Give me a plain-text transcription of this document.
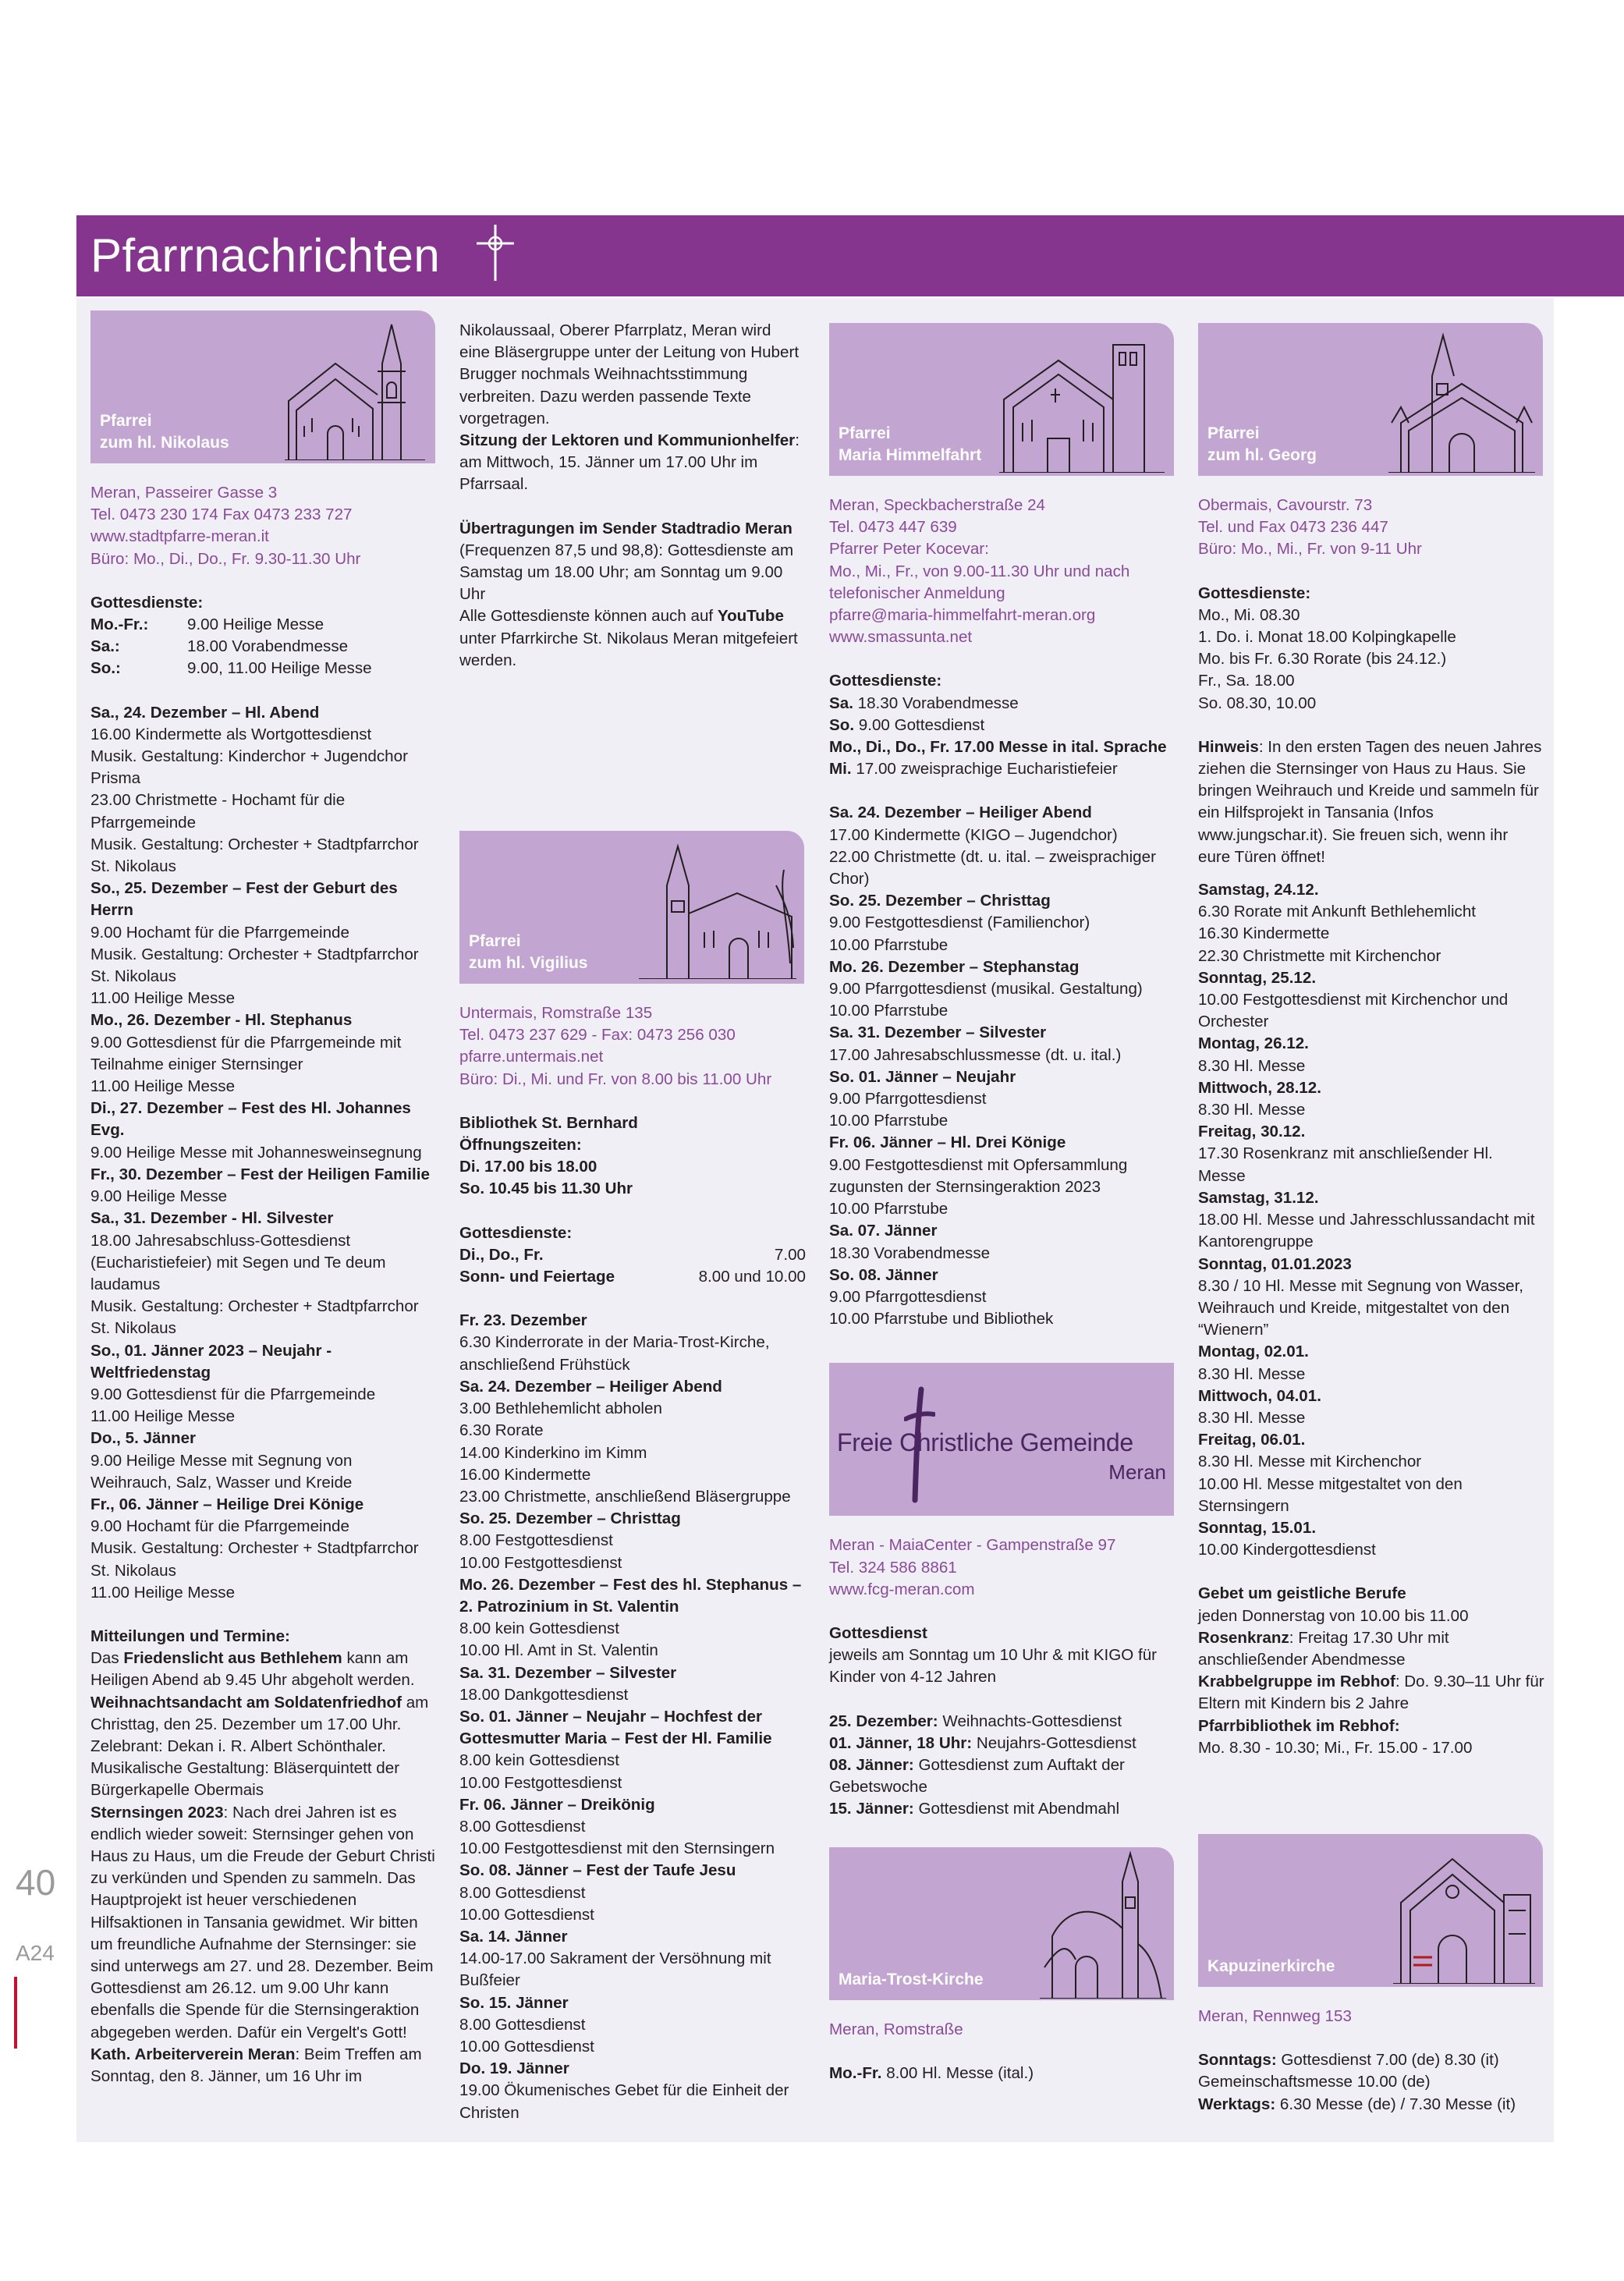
Pfarrnachrichten
40
A24
Pfarrei
zum hl. Nikolaus
Meran, Passeirer Gasse 3
Tel. 0473 230 174 Fax 0473 233 727
www.stadtpfarre-meran.it
Büro: Mo., Di., Do., Fr. 9.30-11.30 Uhr
Gottesdienste:
Mo.-Fr.: 9.00 Heilige Messe
Sa.:	18.00 Vorabendmesse
So.:	9.00, 11.00 Heilige Messe
Sa., 24. Dezember – Hl. Abend
16.00 Kindermette als Wortgottesdienst
Musik. Gestaltung: Kinderchor + Jugendchor Prisma
23.00 Christmette - Hochamt für die Pfarrgemeinde
Musik. Gestaltung: Orchester + Stadtpfarrchor St. Nikolaus
So., 25. Dezember – Fest der Geburt des Herrn
9.00 Hochamt für die Pfarrgemeinde
Musik. Gestaltung: Orchester + Stadtpfarrchor St. Nikolaus
11.00 Heilige Messe
Mo., 26. Dezember - Hl. Stephanus
9.00 Gottesdienst für die Pfarrgemeinde mit Teilnahme einiger Sternsinger
11.00 Heilige Messe
Di., 27. Dezember – Fest des Hl. Johannes Evg.
9.00 Heilige Messe mit Johannesweinsegnung
Fr., 30. Dezember – Fest der Heiligen Familie
9.00 Heilige Messe
Sa., 31. Dezember - Hl. Silvester
18.00 Jahresabschluss-Gottesdienst (Eucharistiefeier) mit Segen und Te deum laudamus
Musik. Gestaltung: Orchester + Stadtpfarrchor St. Nikolaus
So., 01. Jänner 2023 – Neujahr - Weltfriedenstag
9.00 Gottesdienst für die Pfarrgemeinde
11.00 Heilige Messe
Do., 5. Jänner
9.00 Heilige Messe mit Segnung von Weihrauch, Salz, Wasser und Kreide
Fr., 06. Jänner – Heilige Drei Könige
9.00 Hochamt für die Pfarrgemeinde
Musik. Gestaltung: Orchester + Stadtpfarrchor St. Nikolaus
11.00 Heilige Messe
Mitteilungen und Termine:
Das Friedenslicht aus Bethlehem kann am Heiligen Abend ab 9.45 Uhr abgeholt werden.
Weihnachtsandacht am Soldatenfriedhof am Christtag, den 25. Dezember um 17.00 Uhr. Zelebrant: Dekan i. R. Albert Schönthaler. Musikalische Gestaltung: Bläserquintett der Bürgerkapelle Obermais
Sternsingen 2023: Nach drei Jahren ist es endlich wieder soweit: Sternsinger gehen von Haus zu Haus, um die Freude der Geburt Christi zu verkünden und Spenden zu sammeln. Das Hauptprojekt ist heuer verschiedenen Hilfsaktionen in Tansania gewidmet. Wir bitten um freundliche Aufnahme der Sternsinger: sie sind unterwegs am 27. und 28. Dezember. Beim Gottesdienst am 26.12. um 9.00 Uhr kann ebenfalls die Spende für die Sternsingeraktion abgegeben werden. Dafür ein Vergelt's Gott!
Kath. Arbeiterverein Meran: Beim Treffen am Sonntag, den 8. Jänner, um 16 Uhr im
Nikolaussaal, Oberer Pfarrplatz, Meran wird eine Bläsergruppe unter der Leitung von Hubert Brugger nochmals Weihnachtsstimmung verbreiten. Dazu werden passende Texte vorgetragen.
Sitzung der Lektoren und Kommunionhelfer: am Mittwoch, 15. Jänner um 17.00 Uhr im Pfarrsaal.
Übertragungen im Sender Stadtradio Meran (Frequenzen 87,5 und 98,8): Gottesdienste am Samstag um 18.00 Uhr; am Sonntag um 9.00 Uhr
Alle Gottesdienste können auch auf YouTube unter Pfarrkirche St. Nikolaus Meran mitgefeiert werden.
Pfarrei
zum hl. Vigilius
Untermais, Romstraße 135
Tel. 0473 237 629 - Fax: 0473 256 030
pfarre.untermais.net
Büro: Di., Mi. und Fr. von 8.00 bis 11.00 Uhr
Bibliothek St. Bernhard
Öffnungszeiten:
Di. 17.00 bis 18.00
So. 10.45 bis 11.30 Uhr
Gottesdienste:
Di., Do., Fr.	7.00
Sonn- und Feiertage	8.00 und 10.00
Fr. 23. Dezember
6.30 Kinderrorate in der Maria-Trost-Kirche, anschließend Frühstück
Sa. 24. Dezember – Heiliger Abend
3.00 Bethlehemlicht abholen
6.30 Rorate
14.00 Kinderkino im Kimm
16.00 Kindermette
23.00 Christmette, anschließend Bläsergruppe
So. 25. Dezember – Christtag
8.00 Festgottesdienst
10.00 Festgottesdienst
Mo. 26. Dezember – Fest des hl. Stephanus – 2. Patrozinium in St. Valentin
8.00 kein Gottesdienst
10.00 Hl. Amt in St. Valentin
Sa. 31. Dezember – Silvester
18.00 Dankgottesdienst
So. 01. Jänner – Neujahr – Hochfest der Gottesmutter Maria – Fest der Hl. Familie
8.00 kein Gottesdienst
10.00 Festgottesdienst
Fr. 06. Jänner – Dreikönig
8.00 Gottesdienst
10.00 Festgottesdienst mit den Sternsingern
So. 08. Jänner – Fest der Taufe Jesu
8.00 Gottesdienst
10.00 Gottesdienst
Sa. 14. Jänner
14.00-17.00 Sakrament der Versöhnung mit Bußfeier
So. 15. Jänner
8.00 Gottesdienst
10.00 Gottesdienst
Do. 19. Jänner
19.00 Ökumenisches Gebet für die Einheit der Christen
Pfarrei
Maria Himmelfahrt
Meran, Speckbacherstraße 24
Tel. 0473 447 639
Pfarrer Peter Kocevar:
Mo., Mi., Fr., von 9.00-11.30 Uhr und nach telefonischer Anmeldung
pfarre@maria-himmelfahrt-meran.org
www.smassunta.net
Gottesdienste:
Sa. 18.30 Vorabendmesse
So. 9.00 Gottesdienst
Mo., Di., Do., Fr. 17.00 Messe in ital. Sprache
Mi. 17.00 zweisprachige Eucharistiefeier
Sa. 24. Dezember – Heiliger Abend
17.00 Kindermette (KIGO – Jugendchor)
22.00 Christmette (dt. u. ital. – zweisprachiger Chor)
So. 25. Dezember – Christtag
9.00 Festgottesdienst (Familienchor)
10.00 Pfarrstube
Mo. 26. Dezember – Stephanstag
9.00 Pfarrgottesdienst (musikal. Gestaltung)
10.00 Pfarrstube
Sa. 31. Dezember – Silvester
17.00 Jahresabschlussmesse (dt. u. ital.)
So. 01. Jänner – Neujahr
9.00 Pfarrgottesdienst
10.00 Pfarrstube
Fr. 06. Jänner – Hl. Drei Könige
9.00 Festgottesdienst mit Opfersammlung zugunsten der Sternsingeraktion 2023
10.00 Pfarrstube
Sa. 07. Jänner
18.30 Vorabendmesse
So. 08. Jänner
9.00 Pfarrgottesdienst
10.00 Pfarrstube und Bibliothek
Freie Christliche Gemeinde
Meran
Meran - MaiaCenter - Gampenstraße 97
Tel. 324 586 8861
www.fcg-meran.com
Gottesdienst
jeweils am Sonntag um 10 Uhr & mit KIGO für Kinder von 4-12 Jahren
25. Dezember: Weihnachts-Gottesdienst
01. Jänner, 18 Uhr: Neujahrs-Gottesdienst
08. Jänner: Gottesdienst zum Auftakt der Gebetswoche
15. Jänner: Gottesdienst mit Abendmahl
Maria-Trost-Kirche
Meran, Romstraße
Mo.-Fr. 8.00 Hl. Messe (ital.)
Pfarrei
zum hl. Georg
Obermais, Cavourstr. 73
Tel. und Fax 0473 236 447
Büro: Mo., Mi., Fr. von 9-11 Uhr
Gottesdienste:
Mo., Mi. 08.30
1. Do. i. Monat 18.00 Kolpingkapelle
Mo. bis Fr. 6.30 Rorate (bis 24.12.)
Fr., Sa. 18.00
So. 08.30, 10.00
Hinweis: In den ersten Tagen des neuen Jahres ziehen die Sternsinger von Haus zu Haus. Sie bringen Weihrauch und Kreide und sammeln für ein Hilfsprojekt in Tansania (Infos www.jungschar.it). Sie freuen sich, wenn ihr eure Türen öffnet!
Samstag, 24.12.
6.30 Rorate mit Ankunft Bethlehemlicht
16.30 Kindermette
22.30 Christmette mit Kirchenchor
Sonntag, 25.12.
10.00 Festgottesdienst mit Kirchenchor und Orchester
Montag, 26.12.
8.30 Hl. Messe
Mittwoch, 28.12.
8.30 Hl. Messe
Freitag, 30.12.
17.30 Rosenkranz mit anschließender Hl. Messe
Samstag, 31.12.
18.00 Hl. Messe und Jahresschlussandacht mit Kantorengruppe
Sonntag, 01.01.2023
8.30 / 10 Hl. Messe mit Segnung von Wasser, Weihrauch und Kreide, mitgestaltet von den “Wienern”
Montag, 02.01.
8.30 Hl. Messe
Mittwoch, 04.01.
8.30 Hl. Messe
Freitag, 06.01.
8.30 Hl. Messe mit Kirchenchor
10.00 Hl. Messe mitgestaltet von den Sternsingern
Sonntag, 15.01.
10.00 Kindergottesdienst
Gebet um geistliche Berufe
jeden Donnerstag von 10.00 bis 11.00
Rosenkranz: Freitag 17.30 Uhr mit anschließender Abendmesse
Krabbelgruppe im Rebhof: Do. 9.30–11 Uhr für Eltern mit Kindern bis 2 Jahre
Pfarrbibliothek im Rebhof:
Mo. 8.30 - 10.30; Mi., Fr. 15.00 - 17.00
Kapuzinerkirche
Meran, Rennweg 153
Sonntags: Gottesdienst 7.00 (de) 8.30 (it)
Gemeinschaftsmesse 10.00 (de)
Werktags: 6.30 Messe (de) / 7.30 Messe (it)
